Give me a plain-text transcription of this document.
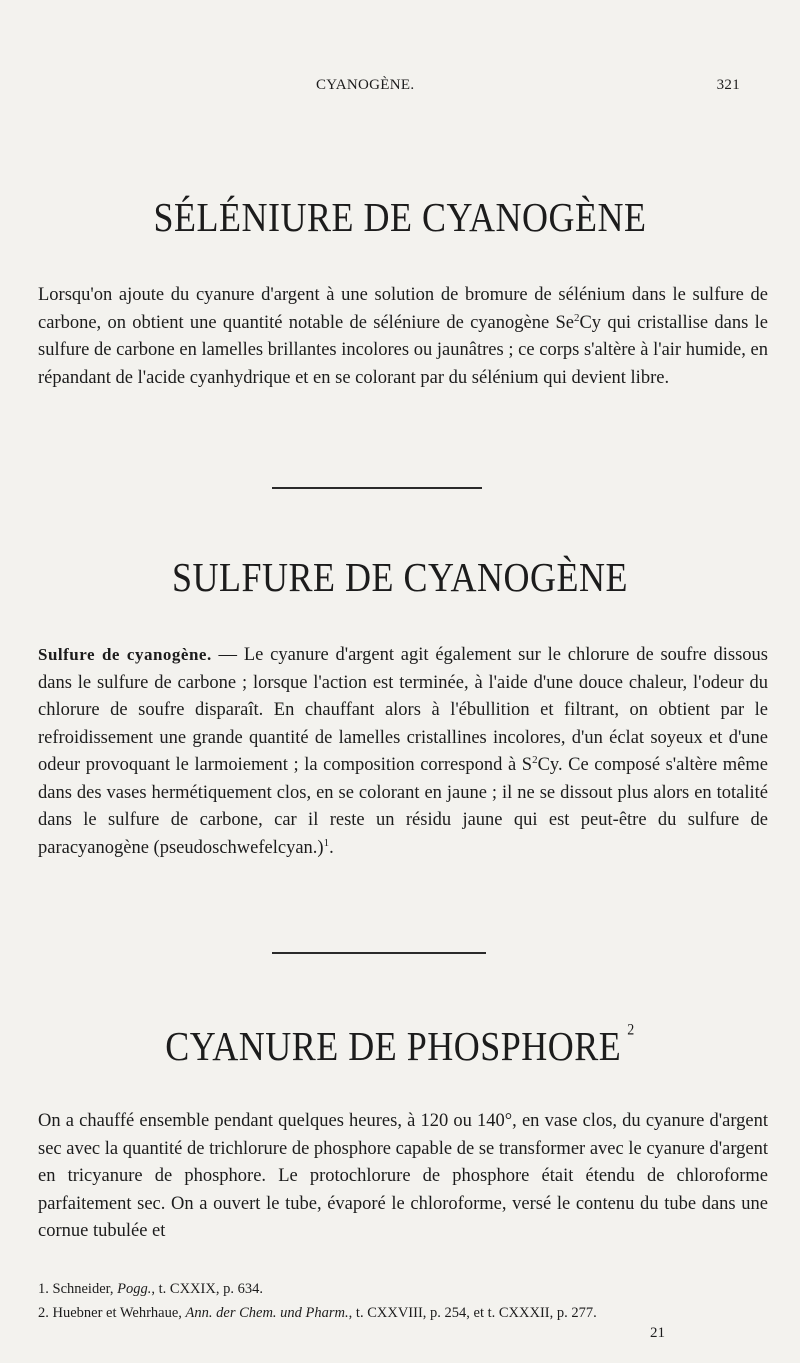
CYANOGÈNE.	321
SÉLÉNIURE DE CYANOGÈNE
Lorsqu'on ajoute du cyanure d'argent à une solution de bromure de sélénium dans le sulfure de carbone, on obtient une quantité notable de séléniure de cyanogène Se$^2$Cy qui cristallise dans le sulfure de carbone en lamelles brillantes incolores ou jaunâtres ; ce corps s'altère à l'air humide, en répandant de l'acide cyanhydrique et en se colorant par du sélénium qui devient libre.
SULFURE DE CYANOGÈNE
Sulfure de cyanogène. — Le cyanure d'argent agit également sur le chlorure de soufre dissous dans le sulfure de carbone ; lorsque l'action est terminée, à l'aide d'une douce chaleur, l'odeur du chlorure de soufre disparaît. En chauffant alors à l'ébullition et filtrant, on obtient par le refroidissement une grande quantité de lamelles cristallines incolores, d'un éclat soyeux et d'une odeur provoquant le larmoiement ; la composition correspond à $S^2Cy$. Ce composé s'altère même dans des vases hermétiquement clos, en se colorant en jaune ; il ne se dissout plus alors en totalité dans le sulfure de carbone, car il reste un résidu jaune qui est peut-être du sulfure de paracyanogène (pseudoschwefelcyan.)$^1$.
CYANURE DE PHOSPHORE $^2$
On a chauffé ensemble pendant quelques heures, à 120 ou 140°, en vase clos, du cyanure d'argent sec avec la quantité de trichlorure de phosphore capable de se transformer avec le cyanure d'argent en tricyanure de phosphore. Le protochlorure de phosphore était étendu de chloroforme parfaitement sec. On a ouvert le tube, évaporé le chloroforme, versé le contenu du tube dans une cornue tubulée et
1. Schneider, Pogg., t. CXXIX, p. 634.
2. Huebner et Wehrhaue, Ann. der Chem. und Pharm., t. CXXVIII, p. 254, et t. CXXXII, p. 277.
21
